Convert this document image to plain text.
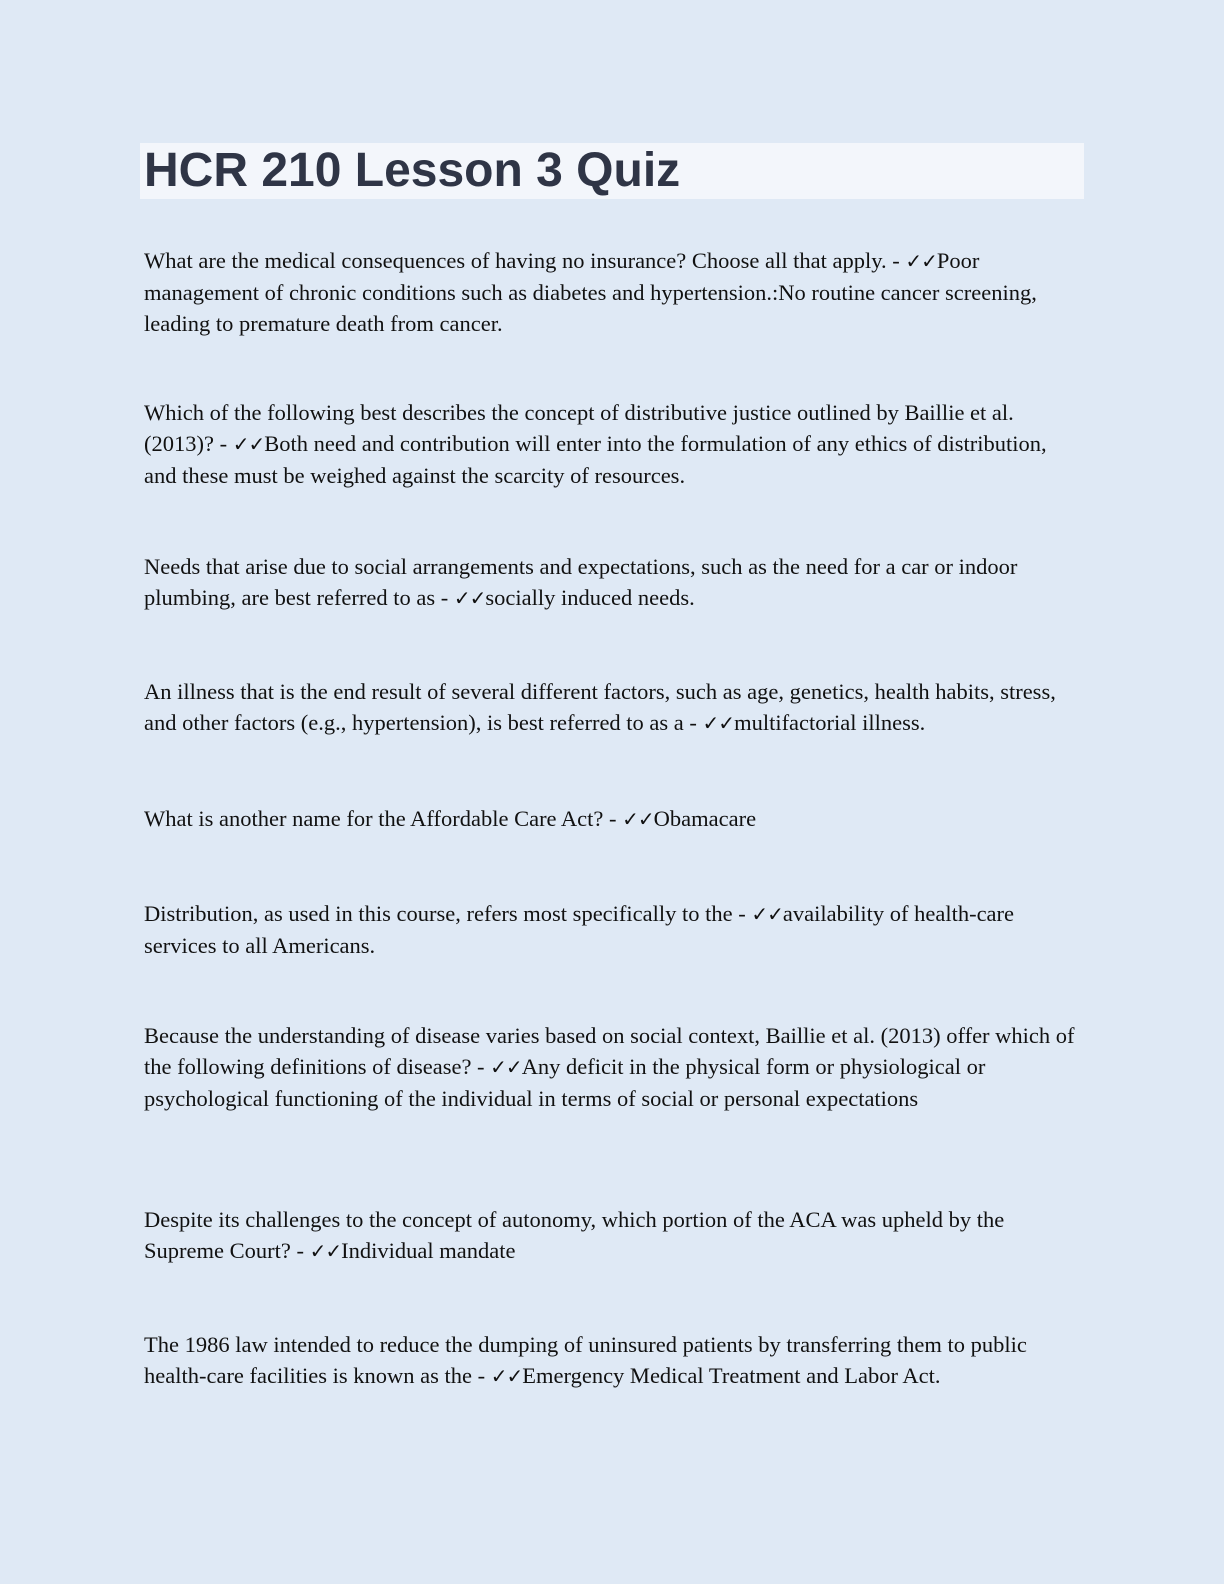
HCR 210 Lesson 3 Quiz

What are the medical consequences of having no insurance? Choose all that apply. - ✓✓Poor management of chronic conditions such as diabetes and hypertension.:No routine cancer screening, leading to premature death from cancer.

Which of the following best describes the concept of distributive justice outlined by Baillie et al. (2013)? - ✓✓Both need and contribution will enter into the formulation of any ethics of distribution, and these must be weighed against the scarcity of resources.

Needs that arise due to social arrangements and expectations, such as the need for a car or indoor plumbing, are best referred to as - ✓✓socially induced needs.

An illness that is the end result of several different factors, such as age, genetics, health habits, stress, and other factors (e.g., hypertension), is best referred to as a - ✓✓multifactorial illness.

What is another name for the Affordable Care Act? - ✓✓Obamacare

Distribution, as used in this course, refers most specifically to the - ✓✓availability of health-care services to all Americans.

Because the understanding of disease varies based on social context, Baillie et al. (2013) offer which of the following definitions of disease? - ✓✓Any deficit in the physical form or physiological or psychological functioning of the individual in terms of social or personal expectations

Despite its challenges to the concept of autonomy, which portion of the ACA was upheld by the Supreme Court? - ✓✓Individual mandate

The 1986 law intended to reduce the dumping of uninsured patients by transferring them to public health-care facilities is known as the - ✓✓Emergency Medical Treatment and Labor Act.
